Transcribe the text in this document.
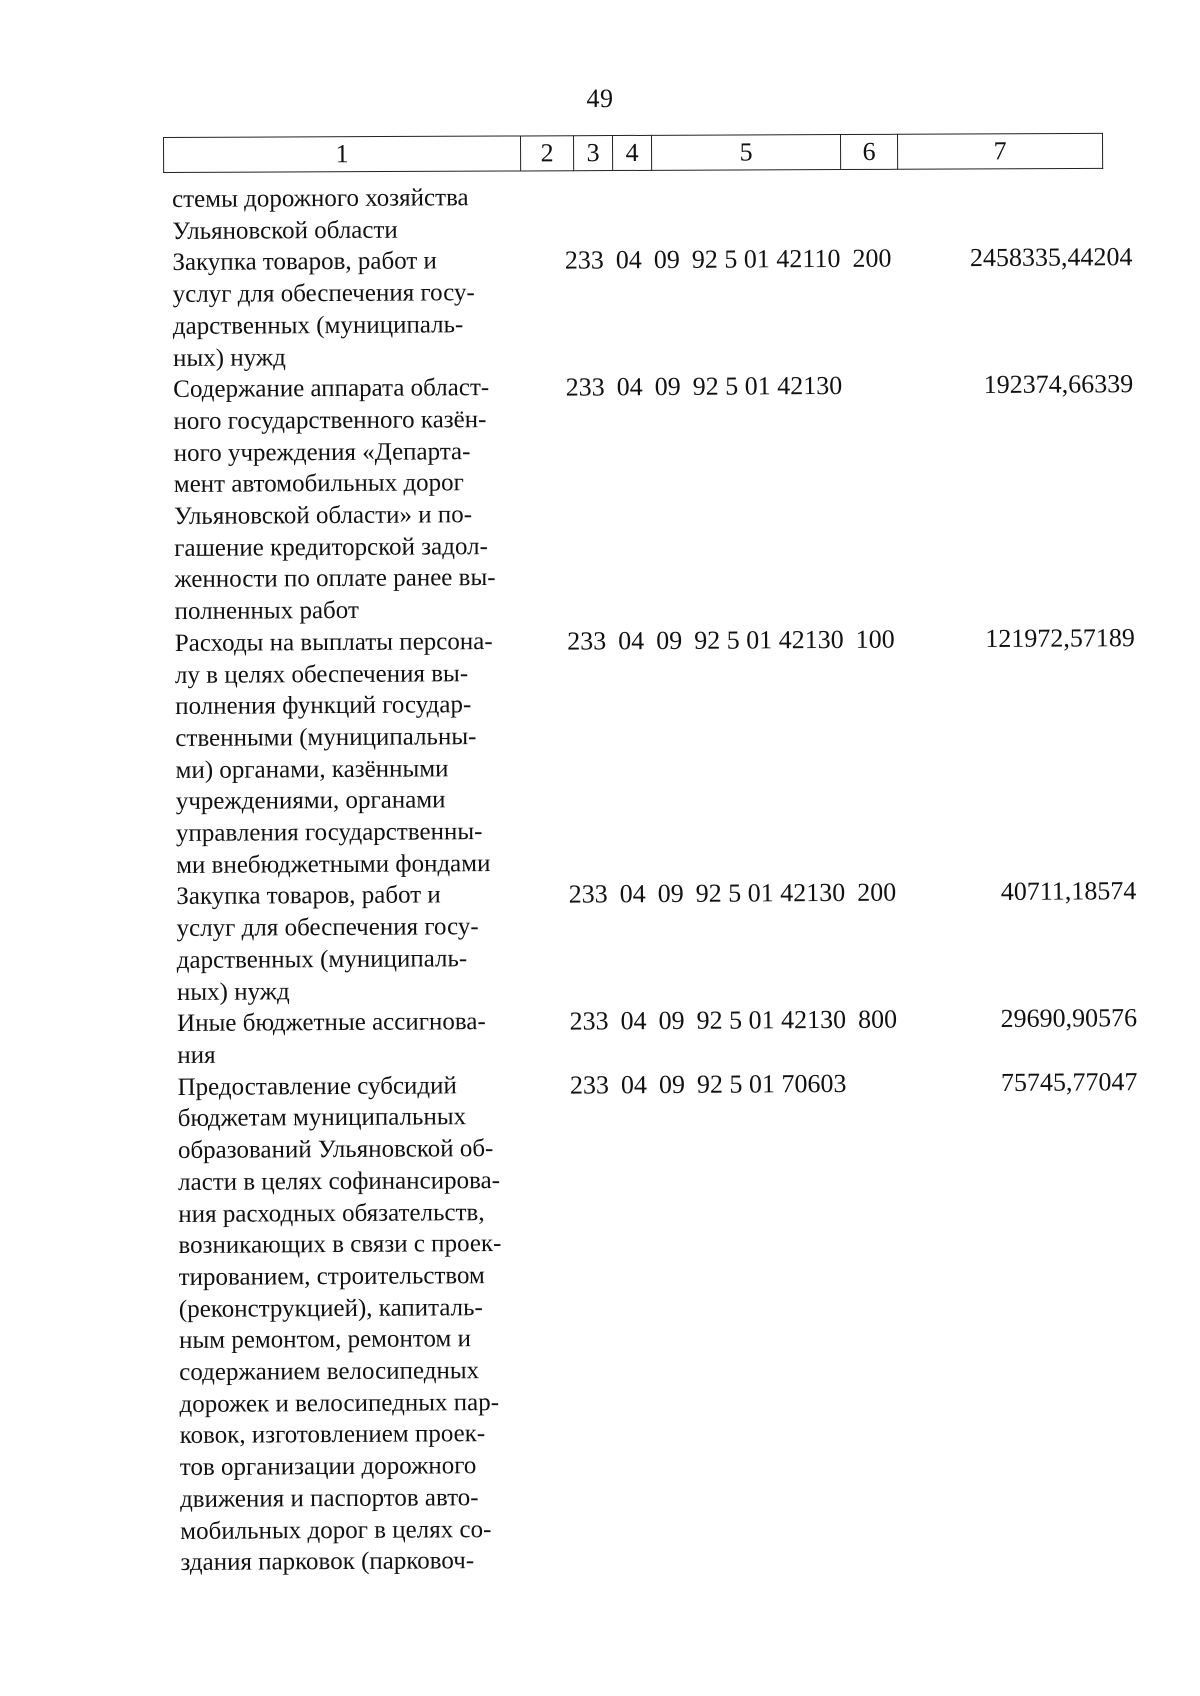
49
1	2	3	4	5	6	7
стемы дорожного хозяйства
Ульяновской области
Закупка товаров, работ и
услуг для обеспечения госу-
дарственных (муниципаль-
ных) нужд
233 04 09 92 5 01 42110 200	2458335,44204
Содержание аппарата област-
ного государственного казён-
ного учреждения «Департа-
мент автомобильных дорог
Ульяновской области» и по-
гашение кредиторской задол-
женности по оплате ранее вы-
полненных работ
233 04 09 92 5 01 42130	192374,66339
Расходы на выплаты персона-
лу в целях обеспечения вы-
полнения функций государ-
ственными (муниципальны-
ми) органами, казёнными
учреждениями, органами
управления государственны-
ми внебюджетными фондами
233 04 09 92 5 01 42130 100	121972,57189
Закупка товаров, работ и
услуг для обеспечения госу-
дарственных (муниципаль-
ных) нужд
233 04 09 92 5 01 42130 200	40711,18574
Иные бюджетные ассигнова-
ния
233 04 09 92 5 01 42130 800	29690,90576
Предоставление субсидий
бюджетам муниципальных
образований Ульяновской об-
ласти в целях софинансирова-
ния расходных обязательств,
возникающих в связи с проек-
тированием, строительством
(реконструкцией), капиталь-
ным ремонтом, ремонтом и
содержанием велосипедных
дорожек и велосипедных пар-
ковок, изготовлением проек-
тов организации дорожного
движения и паспортов авто-
мобильных дорог в целях со-
здания парковок (парковоч-
233 04 09 92 5 01 70603	75745,77047
